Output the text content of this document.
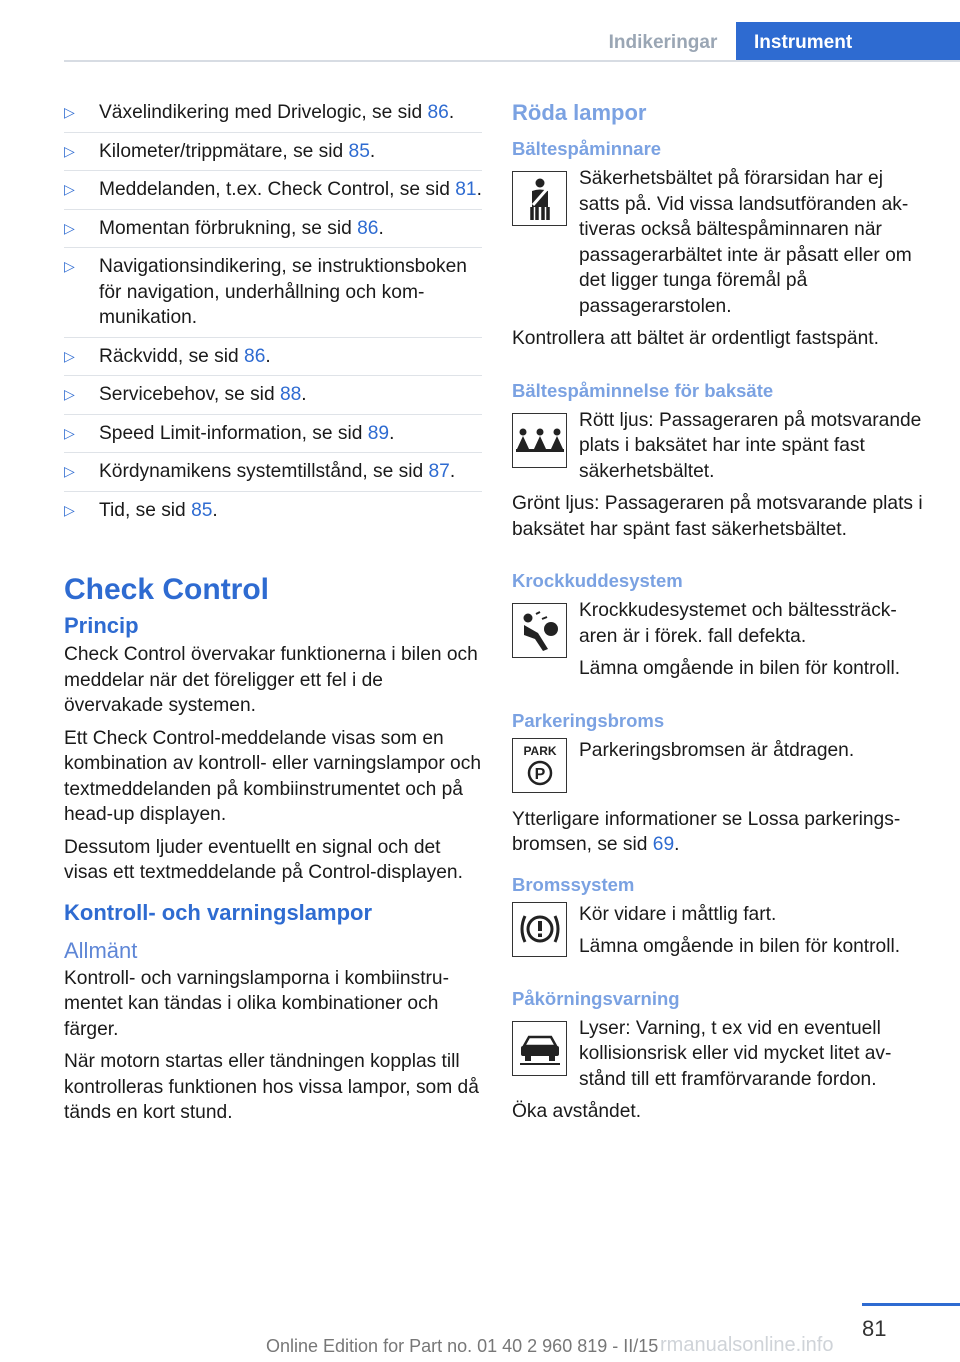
Indikeringar	Instrument
▷ Växelindikering med Drivelogic, se sid 86.
▷ Kilometer/trippmätare, se sid 85.
▷ Meddelanden, t.ex. Check Control, se sid 81.
▷ Momentan förbrukning, se sid 86.
▷ Navigationsindikering, se instruktionsboken för navigation, underhållning och kommunikation.
▷ Räckvidd, se sid 86.
▷ Servicebehov, se sid 88.
▷ Speed Limit-information, se sid 89.
▷ Kördynamikens systemtillstånd, se sid 87.
▷ Tid, se sid 85.
Check Control
Princip

Check Control övervakar funktionerna i bilen och meddelar när det föreligger ett fel i de övervakade systemen.

Ett Check Control-meddelande visas som en kombination av kontroll- eller varningslampor och textmeddelanden på kombiinstrumentet och på head-up displayen.

Dessutom ljuder eventuellt en signal och det visas ett textmeddelande på Control-displayen.

Kontroll- och varningslampor
Allmänt

Kontroll- och varningslamporna i kombiinstrumentet kan tändas i olika kombinationer och färger.

När motorn startas eller tändningen kopplas till kontrolleras funktionen hos vissa lampor, som då tänds en kort stund.

Röda lampor
Bältespåminnare
Säkerhetsbältet på förarsidan har ej satts på. Vid vissa landsutföranden aktiveras också bältespåminnaren när passagerarbältet inte är påsatt eller om det ligger tunga föremål på passagerarstolen.

Kontrollera att bältet är ordentligt fastspänt.

Bältespåminnelse för baksäte
Rött ljus: Passageraren på motsvarande plats i baksätet har inte spänt fast säkerhetsbältet.

Grönt ljus: Passageraren på motsvarande plats i baksätet har spänt fast säkerhetsbältet.

Krockkuddesystem
Krockkudesystemet och bältessträckaren är i förek. fall defekta.
Lämna omgående in bilen för kontroll.
Parkeringsbroms
PARK
P
Parkeringsbromsen är åtdragen.

Ytterligare informationer se Lossa parkeringsbromsen, se sid 69.

Bromssystem
Kör vidare i måttlig fart.
Lämna omgående in bilen för kontroll.
Påkörningsvarning
Lyser: Varning, t ex vid en eventuell kollisionsrisk eller vid mycket litet avstånd till ett framförvarande fordon.

Öka avståndet.

81
Online Edition for Part no. 01 40 2 960 819 - II/15 rmanualsonline.info
